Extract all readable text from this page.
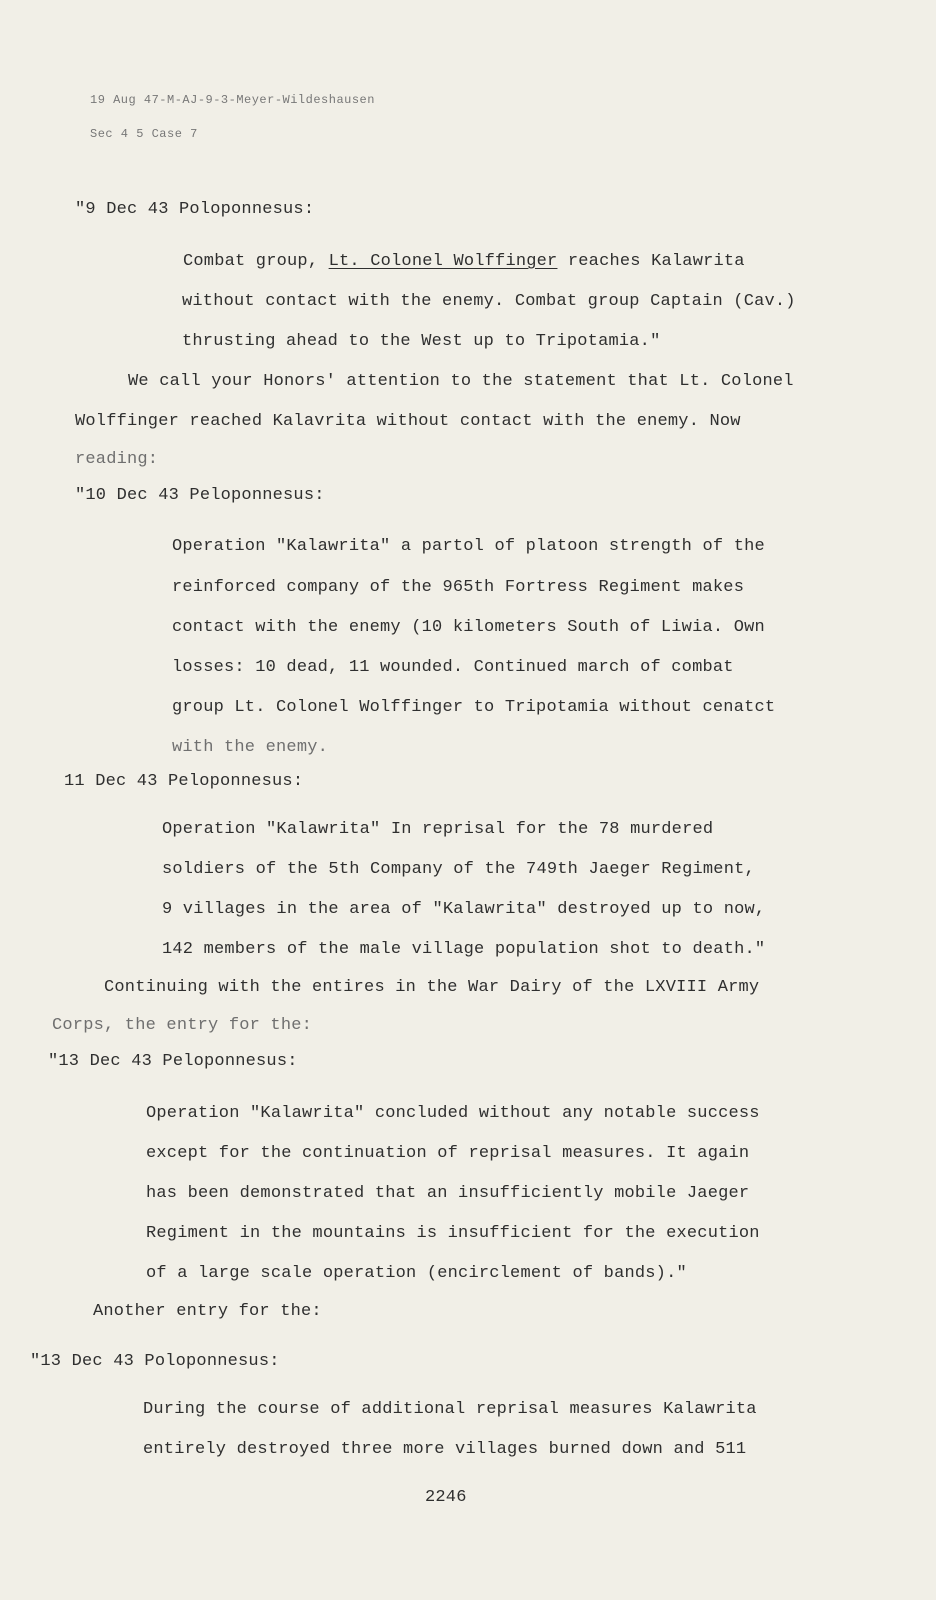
19 Aug 47-M-AJ-9-3-Meyer-Wildeshausen
Sec 4 5 Case 7
"9 Dec 43 Poloponnesus:
Combat group, Lt. Colonel Wolffinger reaches Kalawrita
without contact with the enemy. Combat group Captain (Cav.)
thrusting ahead to the West up to Tripotamia."
We call your Honors' attention to the statement that Lt. Colonel
Wolffinger reached Kalavrita without contact with the enemy. Now
reading:
"10 Dec 43 Peloponnesus:
Operation "Kalawrita" a partol of platoon strength of the
reinforced company of the 965th Fortress Regiment makes
contact with the enemy (10 kilometers South of Liwia. Own
losses: 10 dead, 11 wounded. Continued march of combat
group Lt. Colonel Wolffinger to Tripotamia without cenatct
with the enemy.
11 Dec 43 Peloponnesus:
Operation "Kalawrita" In reprisal for the 78 murdered
soldiers of the 5th Company of the 749th Jaeger Regiment,
9 villages in the area of "Kalawrita" destroyed up to now,
142 members of the male village population shot to death."
Continuing with the entires in the War Dairy of the LXVIII Army
Corps, the entry for the:
"13 Dec 43 Peloponnesus:
Operation "Kalawrita" concluded without any notable success
except for the continuation of reprisal measures. It again
has been demonstrated that an insufficiently mobile Jaeger
Regiment in the mountains is insufficient for the execution
of a large scale operation (encirclement of bands)."
Another entry for the:
"13 Dec 43 Poloponnesus:
During the course of additional reprisal measures Kalawrita
entirely destroyed three more villages burned down and 511
2246
